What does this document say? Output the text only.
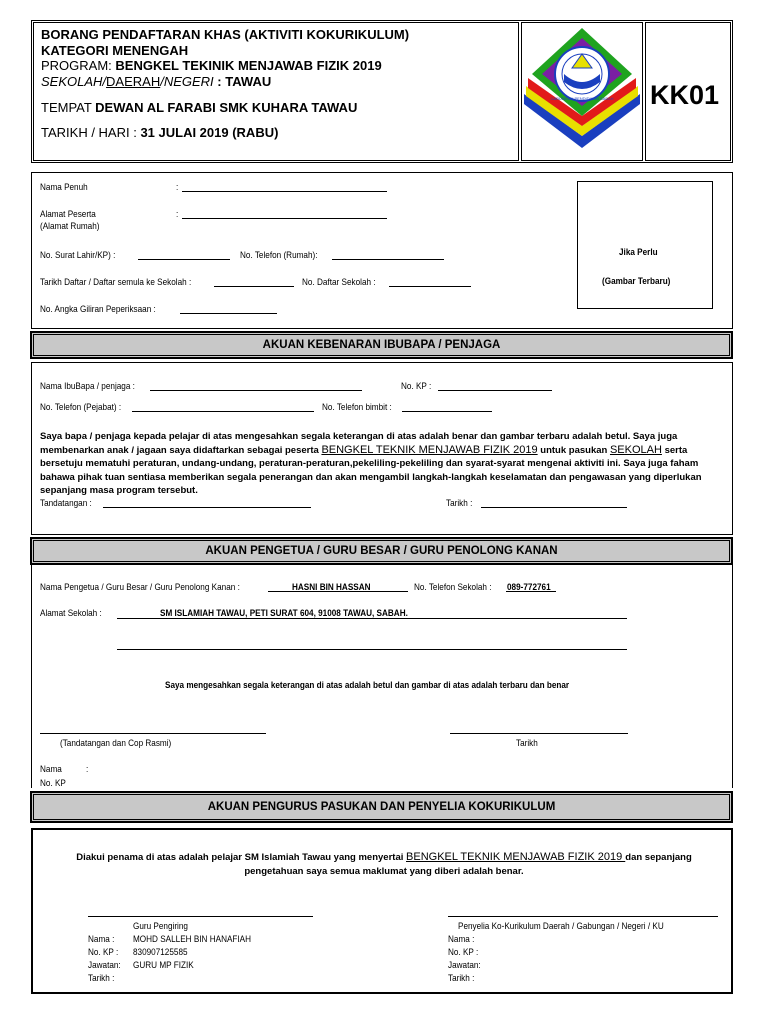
BORANG PENDAFTARAN KHAS (AKTIVITI KOKURIKULUM)
KATEGORI MENENGAH
PROGRAM: BENGKEL TEKINIK MENJAWAB FIZIK 2019
SEKOLAH/DAERAH/NEGERI : TAWAU
TEMPAT DEWAN AL FARABI SMK KUHARA TAWAU
TARIKH / HARI : 31 JULAI 2019 (RABU)
GABUNGAN PENDIDIKAN SABAH KK01
Nama Penuh	:
Alamat Peserta
(Alamat Rumah)
:
No. Surat Lahir/KP) :	No. Telefon (Rumah):
Tarikh Daftar / Daftar semula ke Sekolah :	No. Daftar Sekolah :
No. Angka Giliran Peperiksaan :
Jika Perlu
(Gambar Terbaru)
AKUAN KEBENARAN IBUBAPA / PENJAGA
Nama IbuBapa / penjaga :	No. KP :
No. Telefon (Pejabat) :	No. Telefon bimbit :
Saya bapa / penjaga kepada pelajar di atas mengesahkan segala keterangan di atas adalah benar dan gambar terbaru adalah betul. Saya juga membenarkan anak / jagaan saya didaftarkan sebagai peserta BENGKEL TEKNIK MENJAWAB FIZIK 2019 untuk pasukan SEKOLAH serta bersetuju mematuhi peraturan, undang-undang, peraturan-peraturan,pekeliling-pekeliling dan syarat-syarat mengenai aktiviti ini. Saya juga faham bahawa pihak tuan sentiasa memberikan segala penerangan dan akan mengambil langkah-langkah keselamatan dan pengawasan yang diperlukan sepanjang masa program tersebut.
Tandatangan :	Tarikh :
AKUAN PENGETUA / GURU BESAR / GURU PENOLONG KANAN
Nama Pengetua / Guru Besar / Guru Penolong Kanan :	HASNI BIN HASSAN	No. Telefon Sekolah : 089-772761
Alamat Sekolah :	SM ISLAMIAH TAWAU, PETI SURAT 604, 91008 TAWAU, SABAH.
Saya mengesahkan segala keterangan di atas adalah betul dan gambar di atas adalah terbaru dan benar
(Tandatangan dan Cop Rasmi)	Tarikh
Nama	:
No. KP
AKUAN PENGURUS PASUKAN DAN PENYELIA KOKURIKULUM
Diakui penama di atas adalah pelajar SM Islamiah Tawau yang menyertai BENGKEL TEKNIK MENJAWAB FIZIK 2019 dan sepanjang pengetahuan saya semua maklumat yang diberi adalah benar.
Guru Pengiring
Nama : MOHD SALLEH BIN HANAFIAH
No. KP : 830907125585
Jawatan: GURU MP FIZIK
Tarikh :
Penyelia Ko-Kurikulum Daerah / Gabungan / Negeri / KU
Nama :
No. KP :
Jawatan:
Tarikh :
